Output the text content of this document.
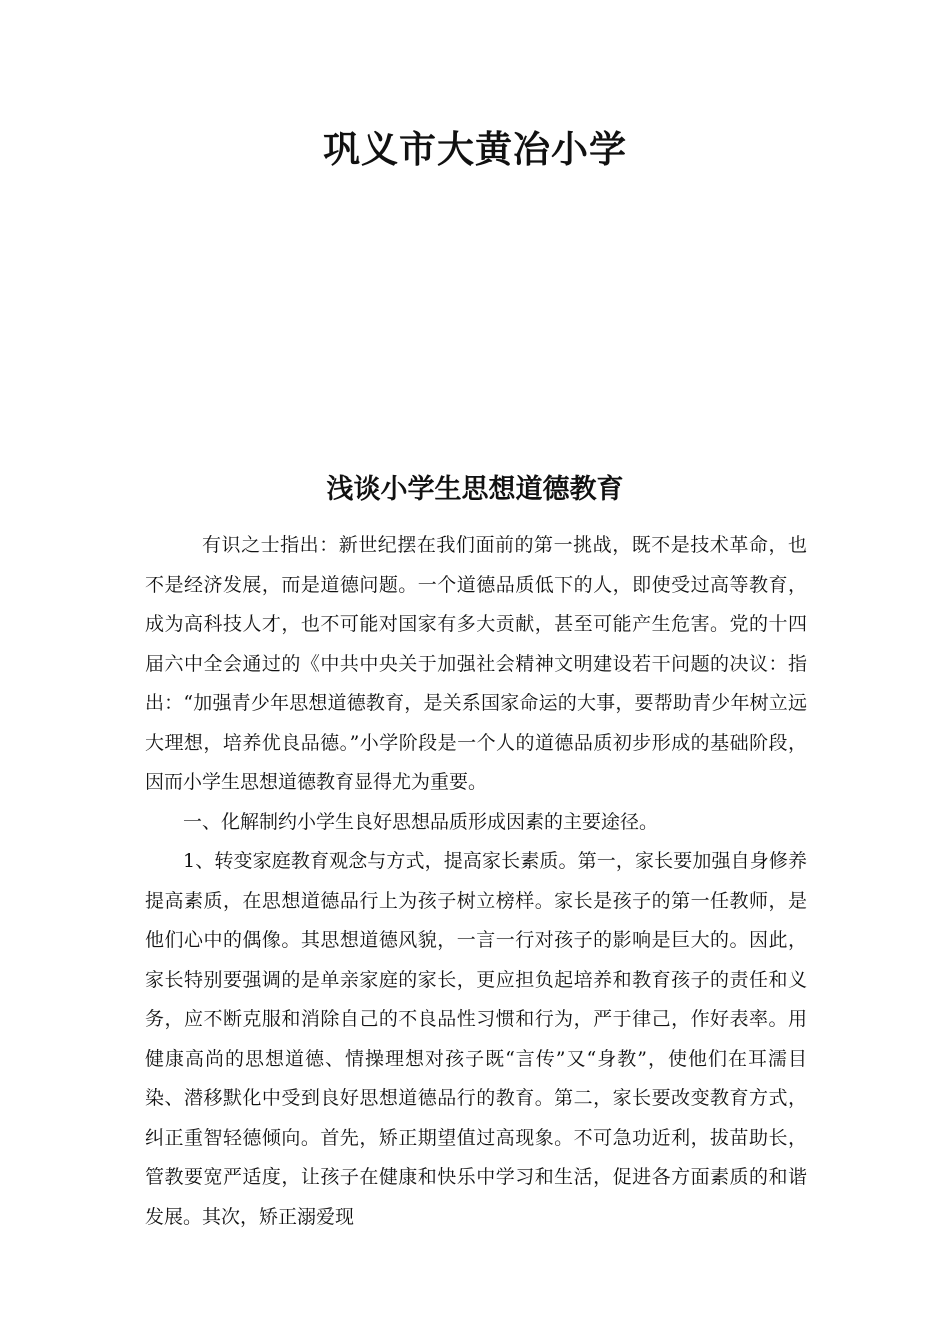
巩义市大黄冶小学
浅谈小学生思想道德教育

有识之士指出：新世纪摆在我们面前的第一挑战，既不是技术革命，也不是经济发展，而是道德问题。一个道德品质低下的人，即使受过高等教育，成为高科技人才，也不可能对国家有多大贡献，甚至可能产生危害。党的十四届六中全会通过的《中共中央关于加强社会精神文明建设若干问题的决议：指出：“加强青少年思想道德教育，是关系国家命运的大事，要帮助青少年树立远大理想，培养优良品德。”小学阶段是一个人的道德品质初步形成的基础阶段，因而小学生思想道德教育显得尤为重要。

一、化解制约小学生良好思想品质形成因素的主要途径。

1、转变家庭教育观念与方式，提高家长素质。第一，家长要加强自身修养提高素质，在思想道德品行上为孩子树立榜样。家长是孩子的第一任教师，是他们心中的偶像。其思想道德风貌，一言一行对孩子的影响是巨大的。因此，家长特别要强调的是单亲家庭的家长，更应担负起培养和教育孩子的责任和义务，应不断克服和消除自己的不良品性习惯和行为，严于律己，作好表率。用健康高尚的思想道德、情操理想对孩子既“言传”又“身教”，使他们在耳濡目染、潜移默化中受到良好思想道德品行的教育。第二，家长要改变教育方式，纠正重智轻德倾向。首先，矫正期望值过高现象。不可急功近利，拔苗助长，管教要宽严适度，让孩子在健康和快乐中学习和生活，促进各方面素质的和谐发展。其次，矫正溺爱现
